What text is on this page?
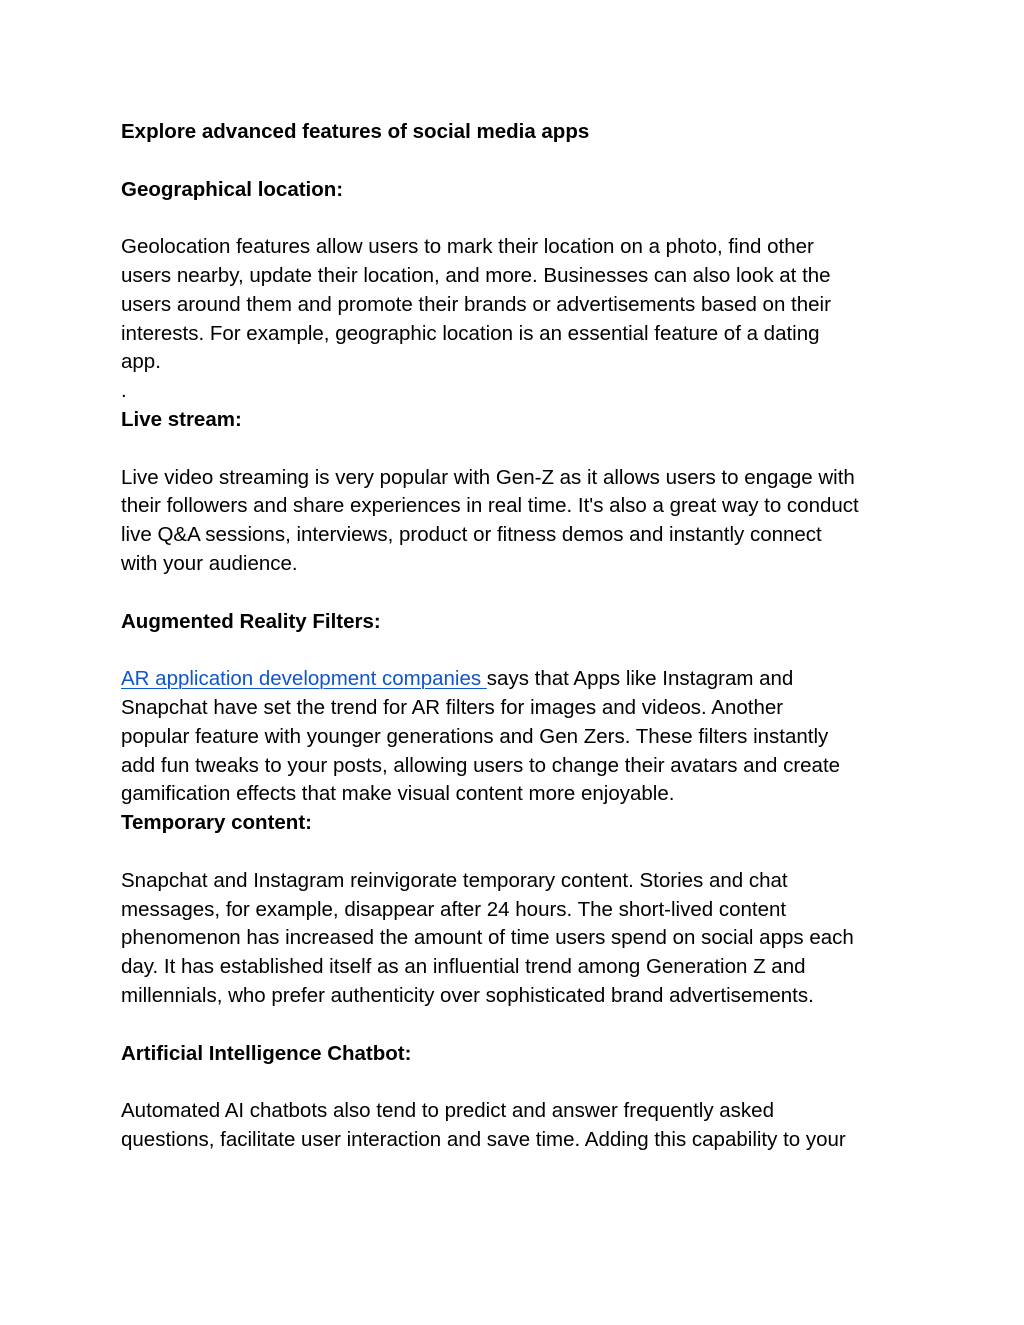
Explore advanced features of social media apps
Geographical location:
Geolocation features allow users to mark their location on a photo, find other
users nearby, update their location, and more. Businesses can also look at the
users around them and promote their brands or advertisements based on their
interests. For example, geographic location is an essential feature of a dating
app.
.
Live stream:
Live video streaming is very popular with Gen-Z as it allows users to engage with
their followers and share experiences in real time. It's also a great way to conduct
live Q&A sessions, interviews, product or fitness demos and instantly connect
with your audience.
Augmented Reality Filters:
AR application development companies says that Apps like Instagram and
Snapchat have set the trend for AR filters for images and videos. Another
popular feature with younger generations and Gen Zers. These filters instantly
add fun tweaks to your posts, allowing users to change their avatars and create
gamification effects that make visual content more enjoyable.
Temporary content:
Snapchat and Instagram reinvigorate temporary content. Stories and chat
messages, for example, disappear after 24 hours. The short-lived content
phenomenon has increased the amount of time users spend on social apps each
day. It has established itself as an influential trend among Generation Z and
millennials, who prefer authenticity over sophisticated brand advertisements.
Artificial Intelligence Chatbot:
Automated AI chatbots also tend to predict and answer frequently asked
questions, facilitate user interaction and save time. Adding this capability to your
